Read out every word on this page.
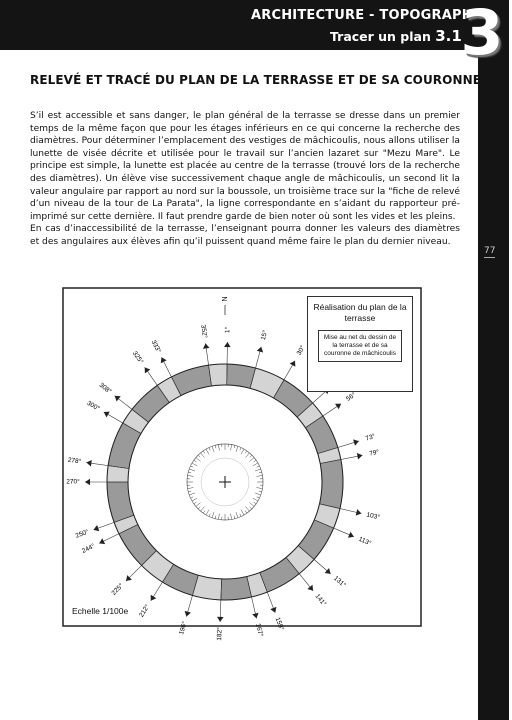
ARCHITECTURE - TOPOGRAPHIE
Tracer un plan 3.1
3
77
RELEVÉ ET TRACÉ DU PLAN DE LA TERRASSE ET DE SA COURONNE

S’il est accessible et sans danger, le plan général de la terrasse se dresse dans un premier temps de la même façon que pour les étages inférieurs en ce qui concerne la recherche des diamètres. Pour déterminer l’emplacement des vestiges de mâchicoulis, nous allons utiliser la lunette de visée décrite et utilisée pour le travail sur l’ancien lazaret sur "Mezu Mare". Le principe est simple, la lunette est placée au centre de la terrasse (trouvé lors de la recherche des diamètres). Un élève vise successivement chaque angle de mâchicoulis, un second lit la valeur angulaire par rapport au nord sur la boussole, un troisième trace sur la "fiche de relevé d’un niveau de la tour de La Parata", la ligne correspondante en s’aidant du rapporteur pré-imprimé sur cette dernière. Il faut prendre garde de bien noter où sont les vides et les pleins.

En cas d’inaccessibilité de la terrasse, l’enseignant pourra donner les valeurs des diamètres et des angulaires aux élèves afin qu’il puissent quand même faire le plan du dernier niveau.

1°	15°
30°
56°
73°
79°
103°
113°
131°
141°
159°
167°
182°
196°
212°
225°
244°
250°
270°
278°
300°
308°
325°
333°
352°
N
Réalisation du plan de la terrasse
Mise au net du dessin de la terrasse et de sa couronne de mâchicoulis
Echelle 1/100e
